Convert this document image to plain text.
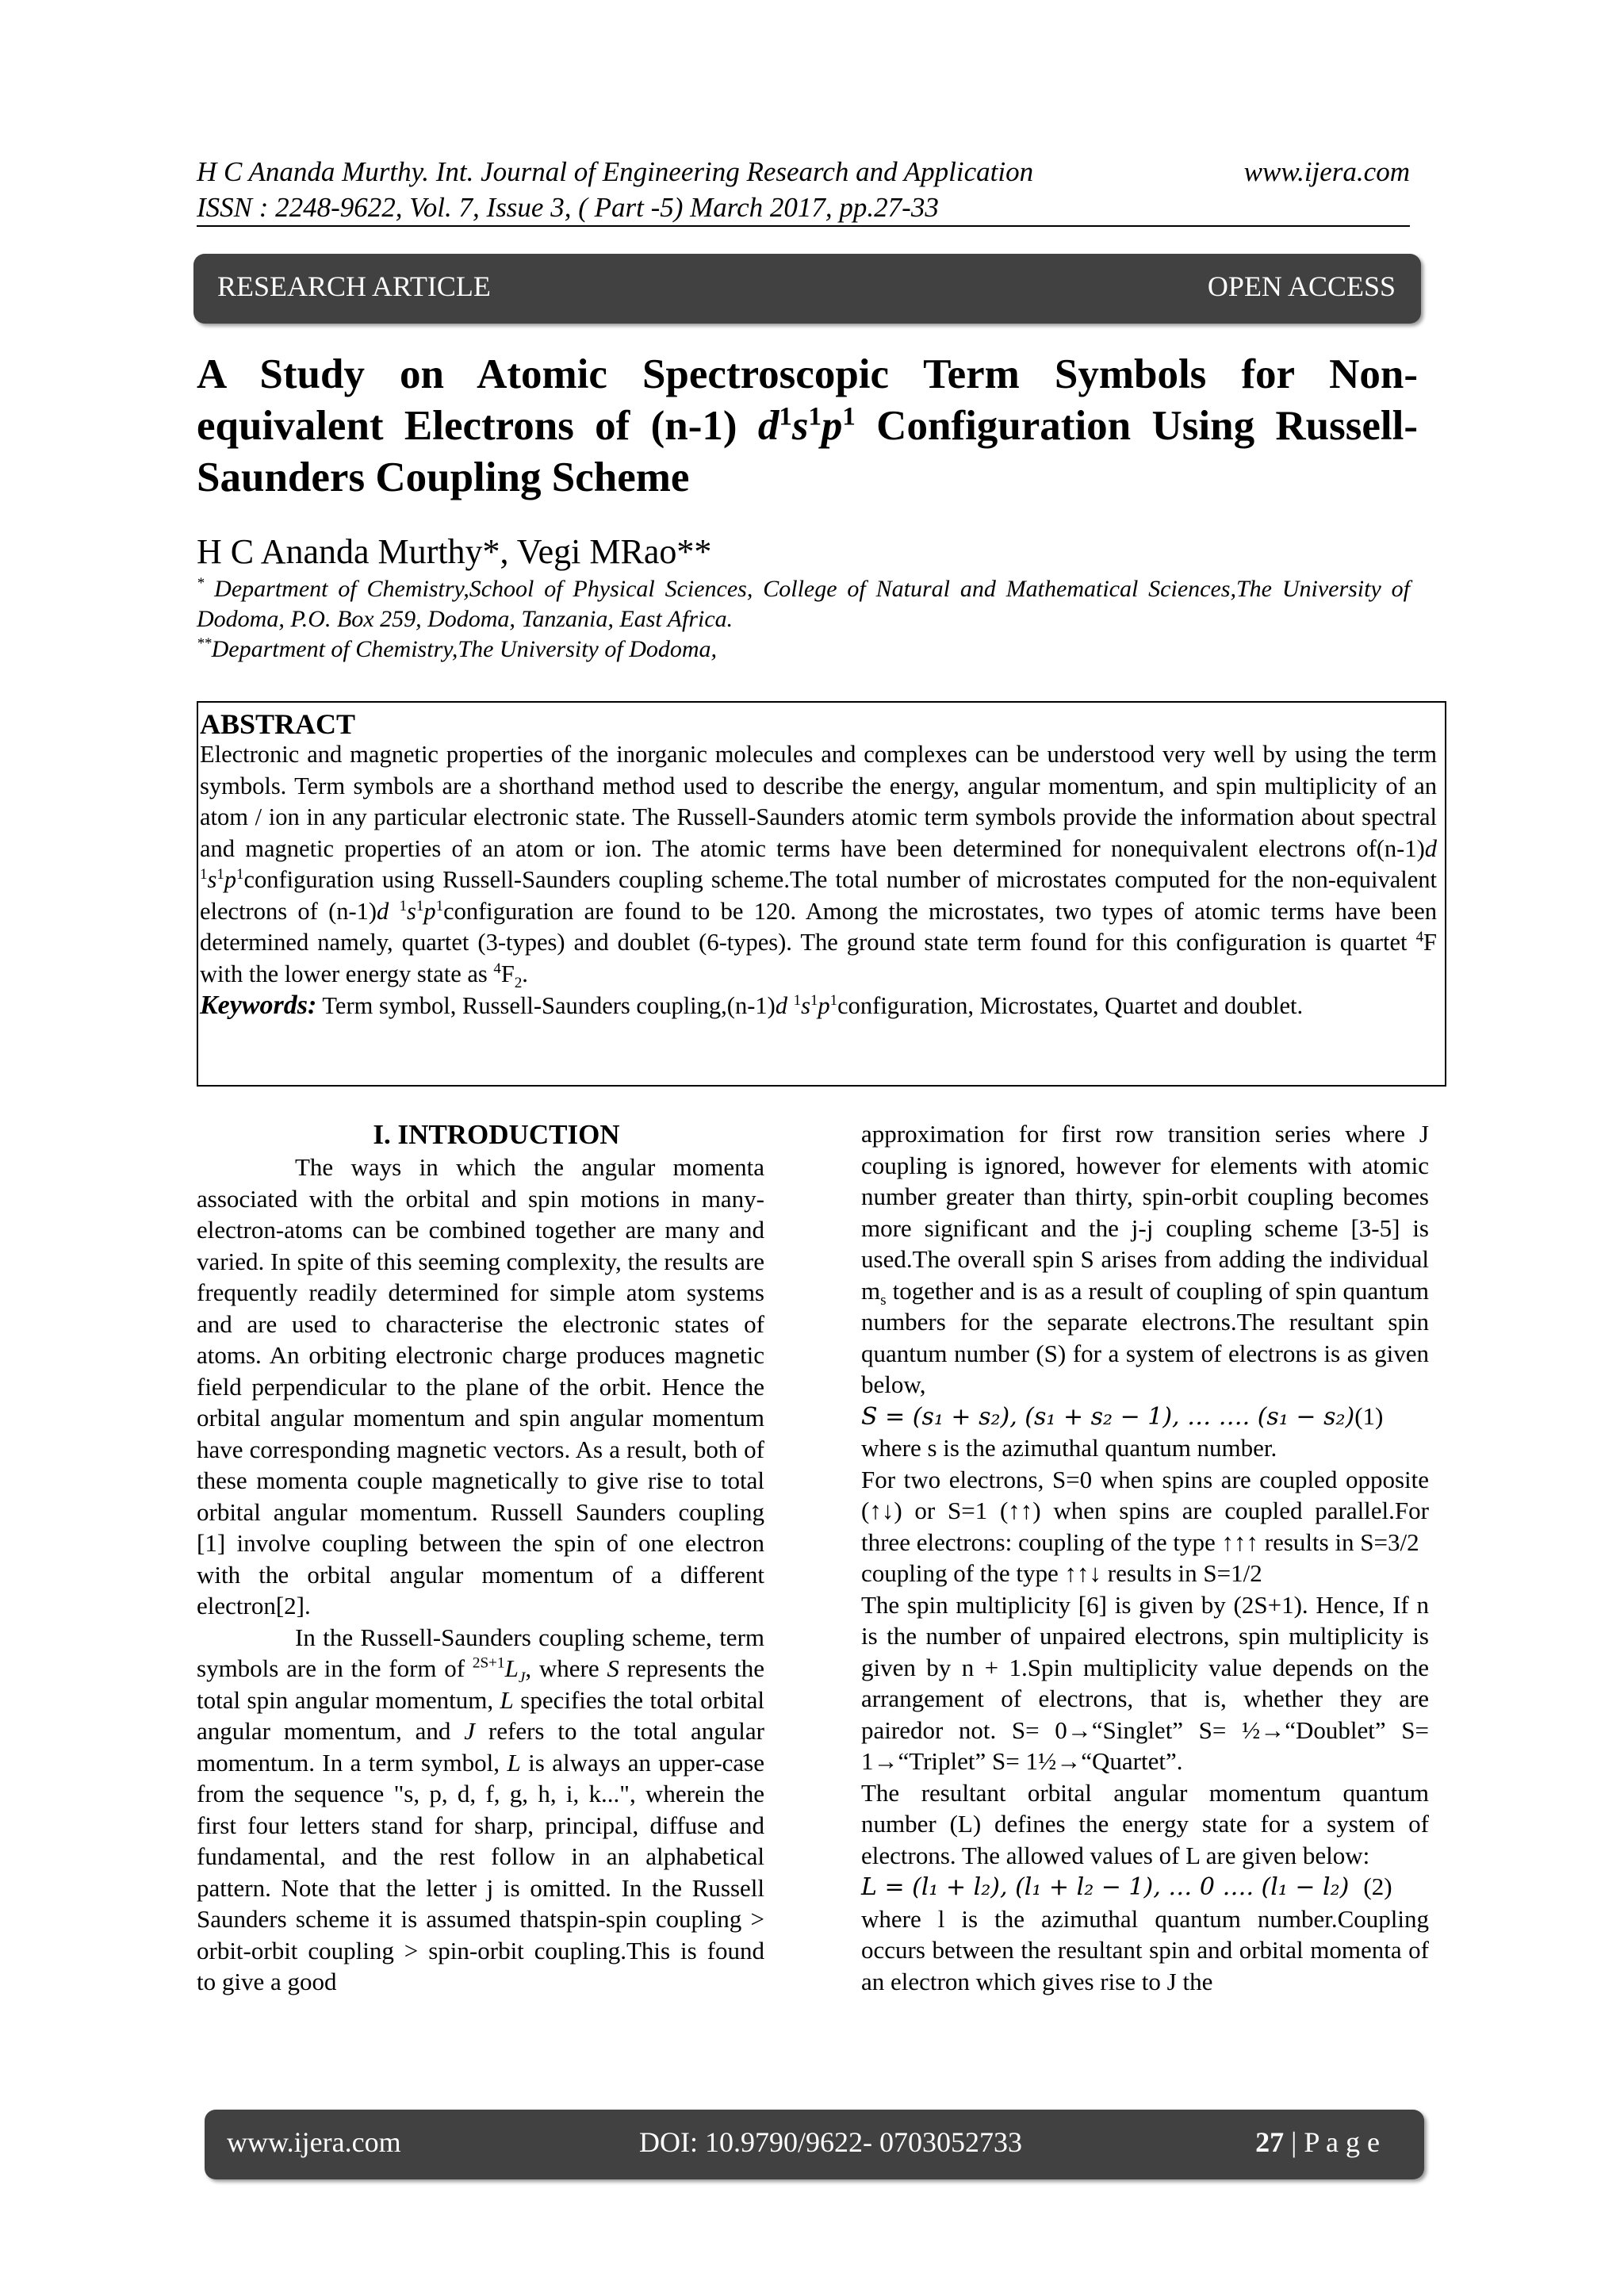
H C Ananda Murthy. Int. Journal of Engineering Research and Application	www.ijera.com
ISSN : 2248-9622, Vol. 7, Issue 3, ( Part -5) March 2017, pp.27-33
RESEARCH ARTICLE	OPEN ACCESS
A Study on Atomic Spectroscopic Term Symbols for Non-
equivalent Electrons of (n-1) $d^1s^1p^1$ Configuration Using Russell-
Saunders Coupling Scheme
H C Ananda Murthy*, Vegi MRao**
* Department of Chemistry,School of Physical Sciences, College of Natural and Mathematical Sciences,The University of Dodoma, P.O. Box 259, Dodoma, Tanzania, East Africa.
**Department of Chemistry,The University of Dodoma,
ABSTRACT

Electronic and magnetic properties of the inorganic molecules and complexes can be understood very well by using the term symbols. Term symbols are a shorthand method used to describe the energy, angular momentum, and spin multiplicity of an atom / ion in any particular electronic state. The Russell-Saunders atomic term symbols provide the information about spectral and magnetic properties of an atom or ion. The atomic terms have been determined for nonequivalent electrons of(n-1)d $^1s^1p^1configuration$ using Russell-Saunders coupling scheme.The total number of microstates computed for the non-equivalent electrons of (n-1)d $^1s^1p^1configuration$ are found to be 120. Among the microstates, two types of atomic terms have been determined namely, quartet (3-types) and doublet (6-types). The ground state term found for this configuration is quartet $^4$F with the lower energy state as $^4F_2$.

Keywords: Term symbol, Russell-Saunders coupling,(n-1)d $^1s^1p^1configuration$, Microstates, Quartet and doublet.

I. INTRODUCTION

The ways in which the angular momenta associated with the orbital and spin motions in many-electron-atoms can be combined together are many and varied. In spite of this seeming complexity, the results are frequently readily determined for simple atom systems and are used to characterise the electronic states of atoms. An orbiting electronic charge produces magnetic field perpendicular to the plane of the orbit. Hence the orbital angular momentum and spin angular momentum have corresponding magnetic vectors. As a result, both of these momenta couple magnetically to give rise to total orbital angular momentum. Russell Saunders coupling [1] involve coupling between the spin of one electron with the orbital angular momentum of a different electron[2].

In the Russell-Saunders coupling scheme, term symbols are in the form of $^{2S+1}L_J$, where S represents the total spin angular momentum, L specifies the total orbital angular momentum, and J refers to the total angular momentum. In a term symbol, L is always an upper-case from the sequence "s, p, d, f, g, h, i, k...", wherein the first four letters stand for sharp, principal, diffuse and fundamental, and the rest follow in an alphabetical pattern. Note that the letter j is omitted. In the Russell Saunders scheme it is assumed thatspin-spin coupling > orbit-orbit coupling > spin-orbit coupling.This is found to give a good

approximation for first row transition series where J coupling is ignored, however for elements with atomic number greater than thirty, spin-orbit coupling becomes more significant and the j-j coupling scheme [3-5] is used.The overall spin S arises from adding the individual $m_s$ together and is as a result of coupling of spin quantum numbers for the separate electrons.The resultant spin quantum number (S) for a system of electrons is as given below,

S = (s₁ + s₂), (s₁ + s₂ − 1), … …. (s₁ − s₂) (1)

where s is the azimuthal quantum number.

For two electrons, S=0 when spins are coupled opposite (↑↓) or S=1 (↑↑) when spins are coupled parallel.For three electrons: coupling of the type ↑↑↑ results in S=3/2

coupling of the type ↑↑↓ results in S=1/2

The spin multiplicity [6] is given by (2S+1). Hence, If n is the number of unpaired electrons, spin multiplicity is given by n + 1.Spin multiplicity value depends on the arrangement of electrons, that is, whether they are pairedor not. S= 0→“Singlet” S= ½→“Doublet” S= 1→“Triplet” S= 1½→“Quartet”.

The resultant orbital angular momentum quantum number (L) defines the energy state for a system of electrons. The allowed values of L are given below:

L = (l₁ + l₂), (l₁ + l₂ − 1), … 0 …. (l₁ − l₂) (2)

where l is the azimuthal quantum number.Coupling occurs between the resultant spin and orbital momenta of an electron which gives rise to J the

www.ijera.com	DOI: 10.9790/9622- 0703052733	27 | P a g e
